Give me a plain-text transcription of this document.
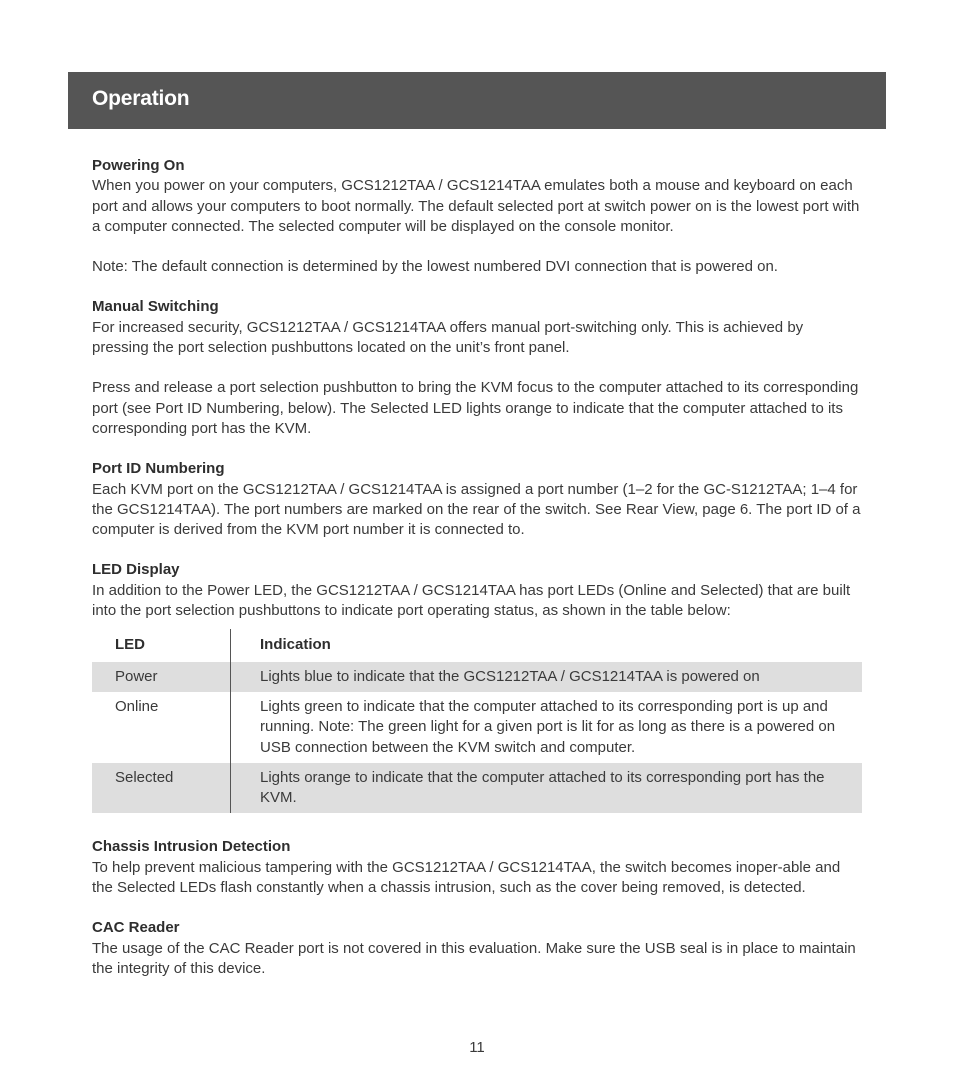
Operation
Powering On

When you power on your computers, GCS1212TAA / GCS1214TAA emulates both a mouse and keyboard on each port and allows your computers to boot normally. The default selected port at switch power on is the lowest port with a computer connected. The selected computer will be displayed on the console monitor.

Note: The default connection is determined by the lowest numbered DVI connection that is powered on.

Manual Switching

For increased security, GCS1212TAA / GCS1214TAA offers manual port-switching only. This is achieved by pressing the port selection pushbuttons located on the unit’s front panel.

Press and release a port selection pushbutton to bring the KVM focus to the computer attached to its corresponding port (see Port ID Numbering, below). The Selected LED lights orange to indicate that the computer attached to its corresponding port has the KVM.

Port ID Numbering

Each KVM port on the GCS1212TAA / GCS1214TAA is assigned a port number (1–2 for the GC-S1212TAA; 1–4 for the GCS1214TAA). The port numbers are marked on the rear of the switch. See Rear View, page 6. The port ID of a computer is derived from the KVM port number it is connected to.

LED Display

In addition to the Power LED, the GCS1212TAA / GCS1214TAA has port LEDs (Online and Selected) that are built into the port selection pushbuttons to indicate port operating status, as shown in the table below:

LED	Indication
Power	Lights blue to indicate that the GCS1212TAA / GCS1214TAA is powered on
Online	Lights green to indicate that the computer attached to its corresponding port is up and running. Note: The green light for a given port is lit for as long as there is a powered on USB connection between the KVM switch and computer.
Selected	Lights orange to indicate that the computer attached to its corresponding port has the KVM.
Chassis Intrusion Detection

To help prevent malicious tampering with the GCS1212TAA / GCS1214TAA, the switch becomes inoper-able and the Selected LEDs flash constantly when a chassis intrusion, such as the cover being removed, is detected.

CAC Reader

The usage of the CAC Reader port is not covered in this evaluation. Make sure the USB seal is in place to maintain the integrity of this device.

11
